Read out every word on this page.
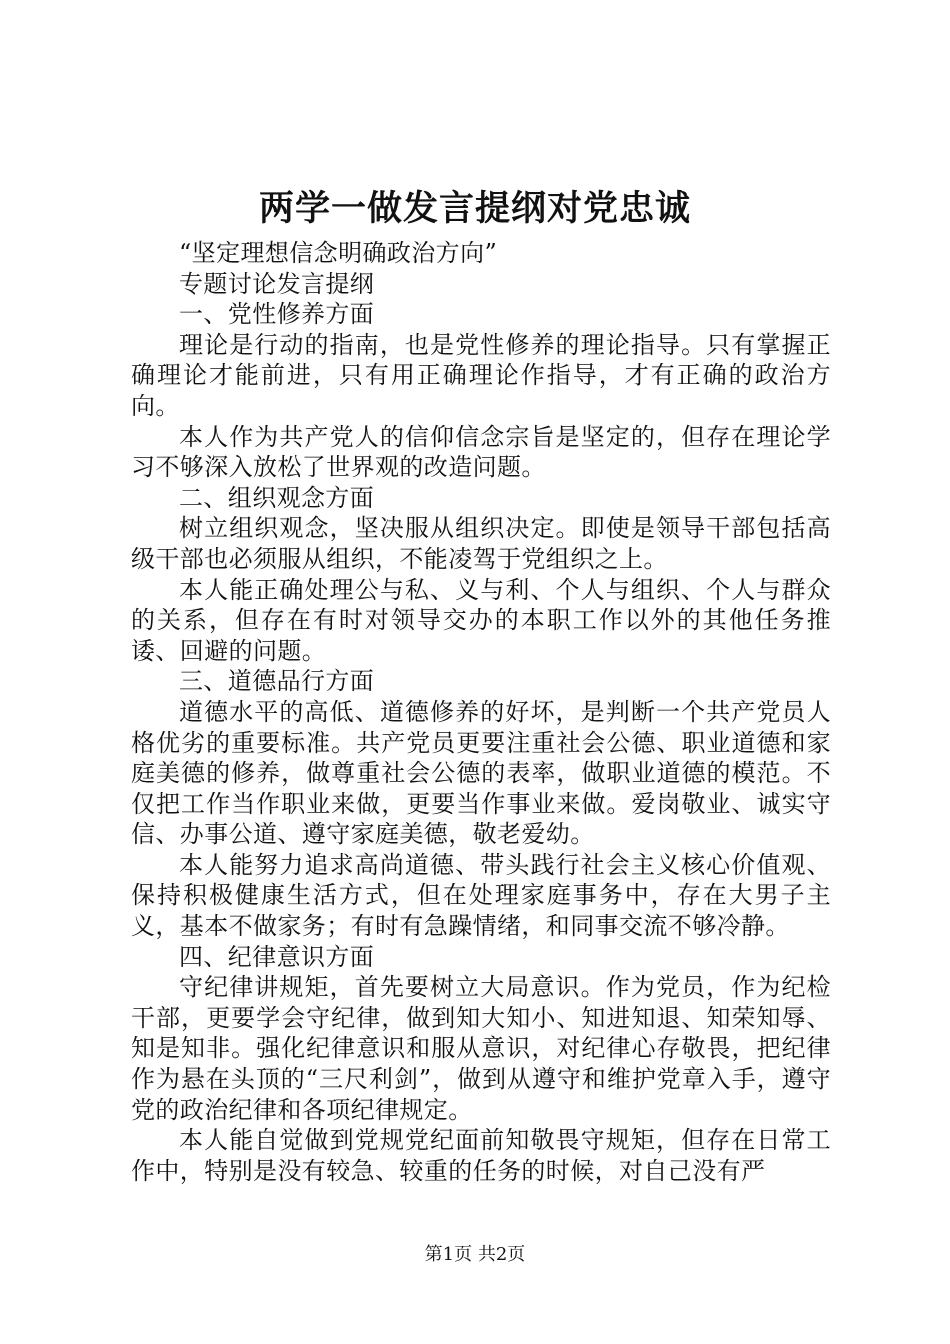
两学一做发言提纲对党忠诚

“坚定理想信念明确政治方向”

专题讨论发言提纲

一、党性修养方面

理论是行动的指南，也是党性修养的理论指导。只有掌握正确理论才能前进，只有用正确理论作指导，才有正确的政治方向。

本人作为共产党人的信仰信念宗旨是坚定的，但存在理论学习不够深入放松了世界观的改造问题。

二、组织观念方面

树立组织观念，坚决服从组织决定。即使是领导干部包括高级干部也必须服从组织，不能凌驾于党组织之上。

本人能正确处理公与私、义与利、个人与组织、个人与群众的关系，但存在有时对领导交办的本职工作以外的其他任务推诿、回避的问题。

三、道德品行方面

道德水平的高低、道德修养的好坏，是判断一个共产党员人格优劣的重要标准。共产党员更要注重社会公德、职业道德和家庭美德的修养，做尊重社会公德的表率，做职业道德的模范。不仅把工作当作职业来做，更要当作事业来做。爱岗敬业、诚实守信、办事公道、遵守家庭美德，敬老爱幼。

本人能努力追求高尚道德、带头践行社会主义核心价值观、保持积极健康生活方式，但在处理家庭事务中，存在大男子主义，基本不做家务；有时有急躁情绪，和同事交流不够冷静。

四、纪律意识方面

守纪律讲规矩，首先要树立大局意识。作为党员，作为纪检干部，更要学会守纪律，做到知大知小、知进知退、知荣知辱、知是知非。强化纪律意识和服从意识，对纪律心存敬畏，把纪律作为悬在头顶的“三尺利剑”，做到从遵守和维护党章入手，遵守党的政治纪律和各项纪律规定。

本人能自觉做到党规党纪面前知敬畏守规矩，但存在日常工作中，特别是没有较急、较重的任务的时候，对自己没有严

第1页 共2页
